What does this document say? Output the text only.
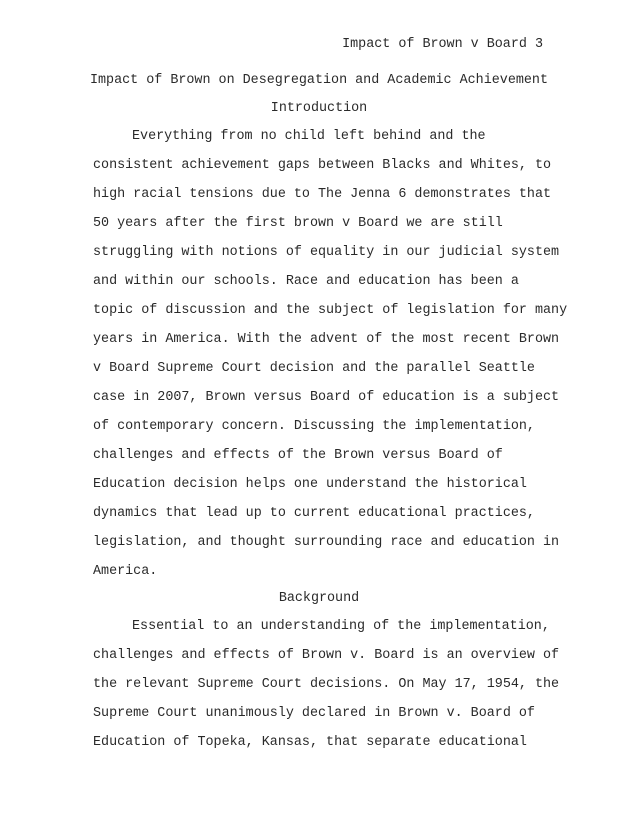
Impact of Brown v Board 3
Impact of Brown on Desegregation and Academic Achievement
Introduction
Everything from no child left behind and the
consistent achievement gaps between Blacks and Whites, to
high racial tensions due to The Jenna 6 demonstrates that
50 years after the first brown v Board we are still
struggling with notions of equality in our judicial system
and within our schools. Race and education has been a
topic of discussion and the subject of legislation for many
years in America. With the advent of the most recent Brown
v Board Supreme Court decision and the parallel Seattle
case in 2007, Brown versus Board of education is a subject
of contemporary concern. Discussing the implementation,
challenges and effects of the Brown versus Board of
Education decision helps one understand the historical
dynamics that lead up to current educational practices,
legislation, and thought surrounding race and education in
America.
Background
Essential to an understanding of the implementation,
challenges and effects of Brown v. Board is an overview of
the relevant Supreme Court decisions. On May 17, 1954, the
Supreme Court unanimously declared in Brown v. Board of
Education of Topeka, Kansas, that separate educational
